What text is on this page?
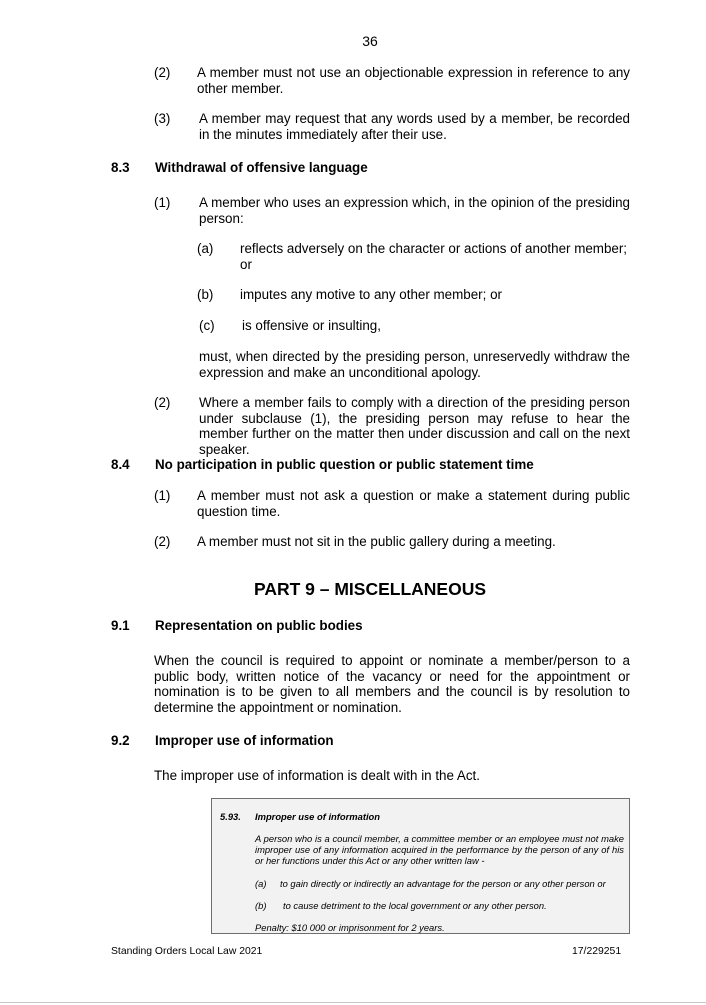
36
(2) A member must not use an objectionable expression in reference to any other member.
(3) A member may request that any words used by a member, be recorded in the minutes immediately after their use.
8.3 Withdrawal of offensive language
(1) A member who uses an expression which, in the opinion of the presiding person:
(a) reflects adversely on the character or actions of another member; or
(b) imputes any motive to any other member; or
(c) is offensive or insulting,
must, when directed by the presiding person, unreservedly withdraw the expression and make an unconditional apology.
(2) Where a member fails to comply with a direction of the presiding person under subclause (1), the presiding person may refuse to hear the member further on the matter then under discussion and call on the next speaker.
8.4 No participation in public question or public statement time
(1) A member must not ask a question or make a statement during public question time.
(2) A member must not sit in the public gallery during a meeting.
PART 9 – MISCELLANEOUS
9.1 Representation on public bodies
When the council is required to appoint or nominate a member/person to a public body, written notice of the vacancy or need for the appointment or nomination is to be given to all members and the council is by resolution to determine the appointment or nomination.
9.2 Improper use of information
The improper use of information is dealt with in the Act.
5.93. Improper use of information
A person who is a council member, a committee member or an employee must not make improper use of any information acquired in the performance by the person of any of his or her functions under this Act or any other written law -
(a) to gain directly or indirectly an advantage for the person or any other person or
(b) to cause detriment to the local government or any other person.
Penalty: $10 000 or imprisonment for 2 years.
Standing Orders Local Law 2021	17/229251
